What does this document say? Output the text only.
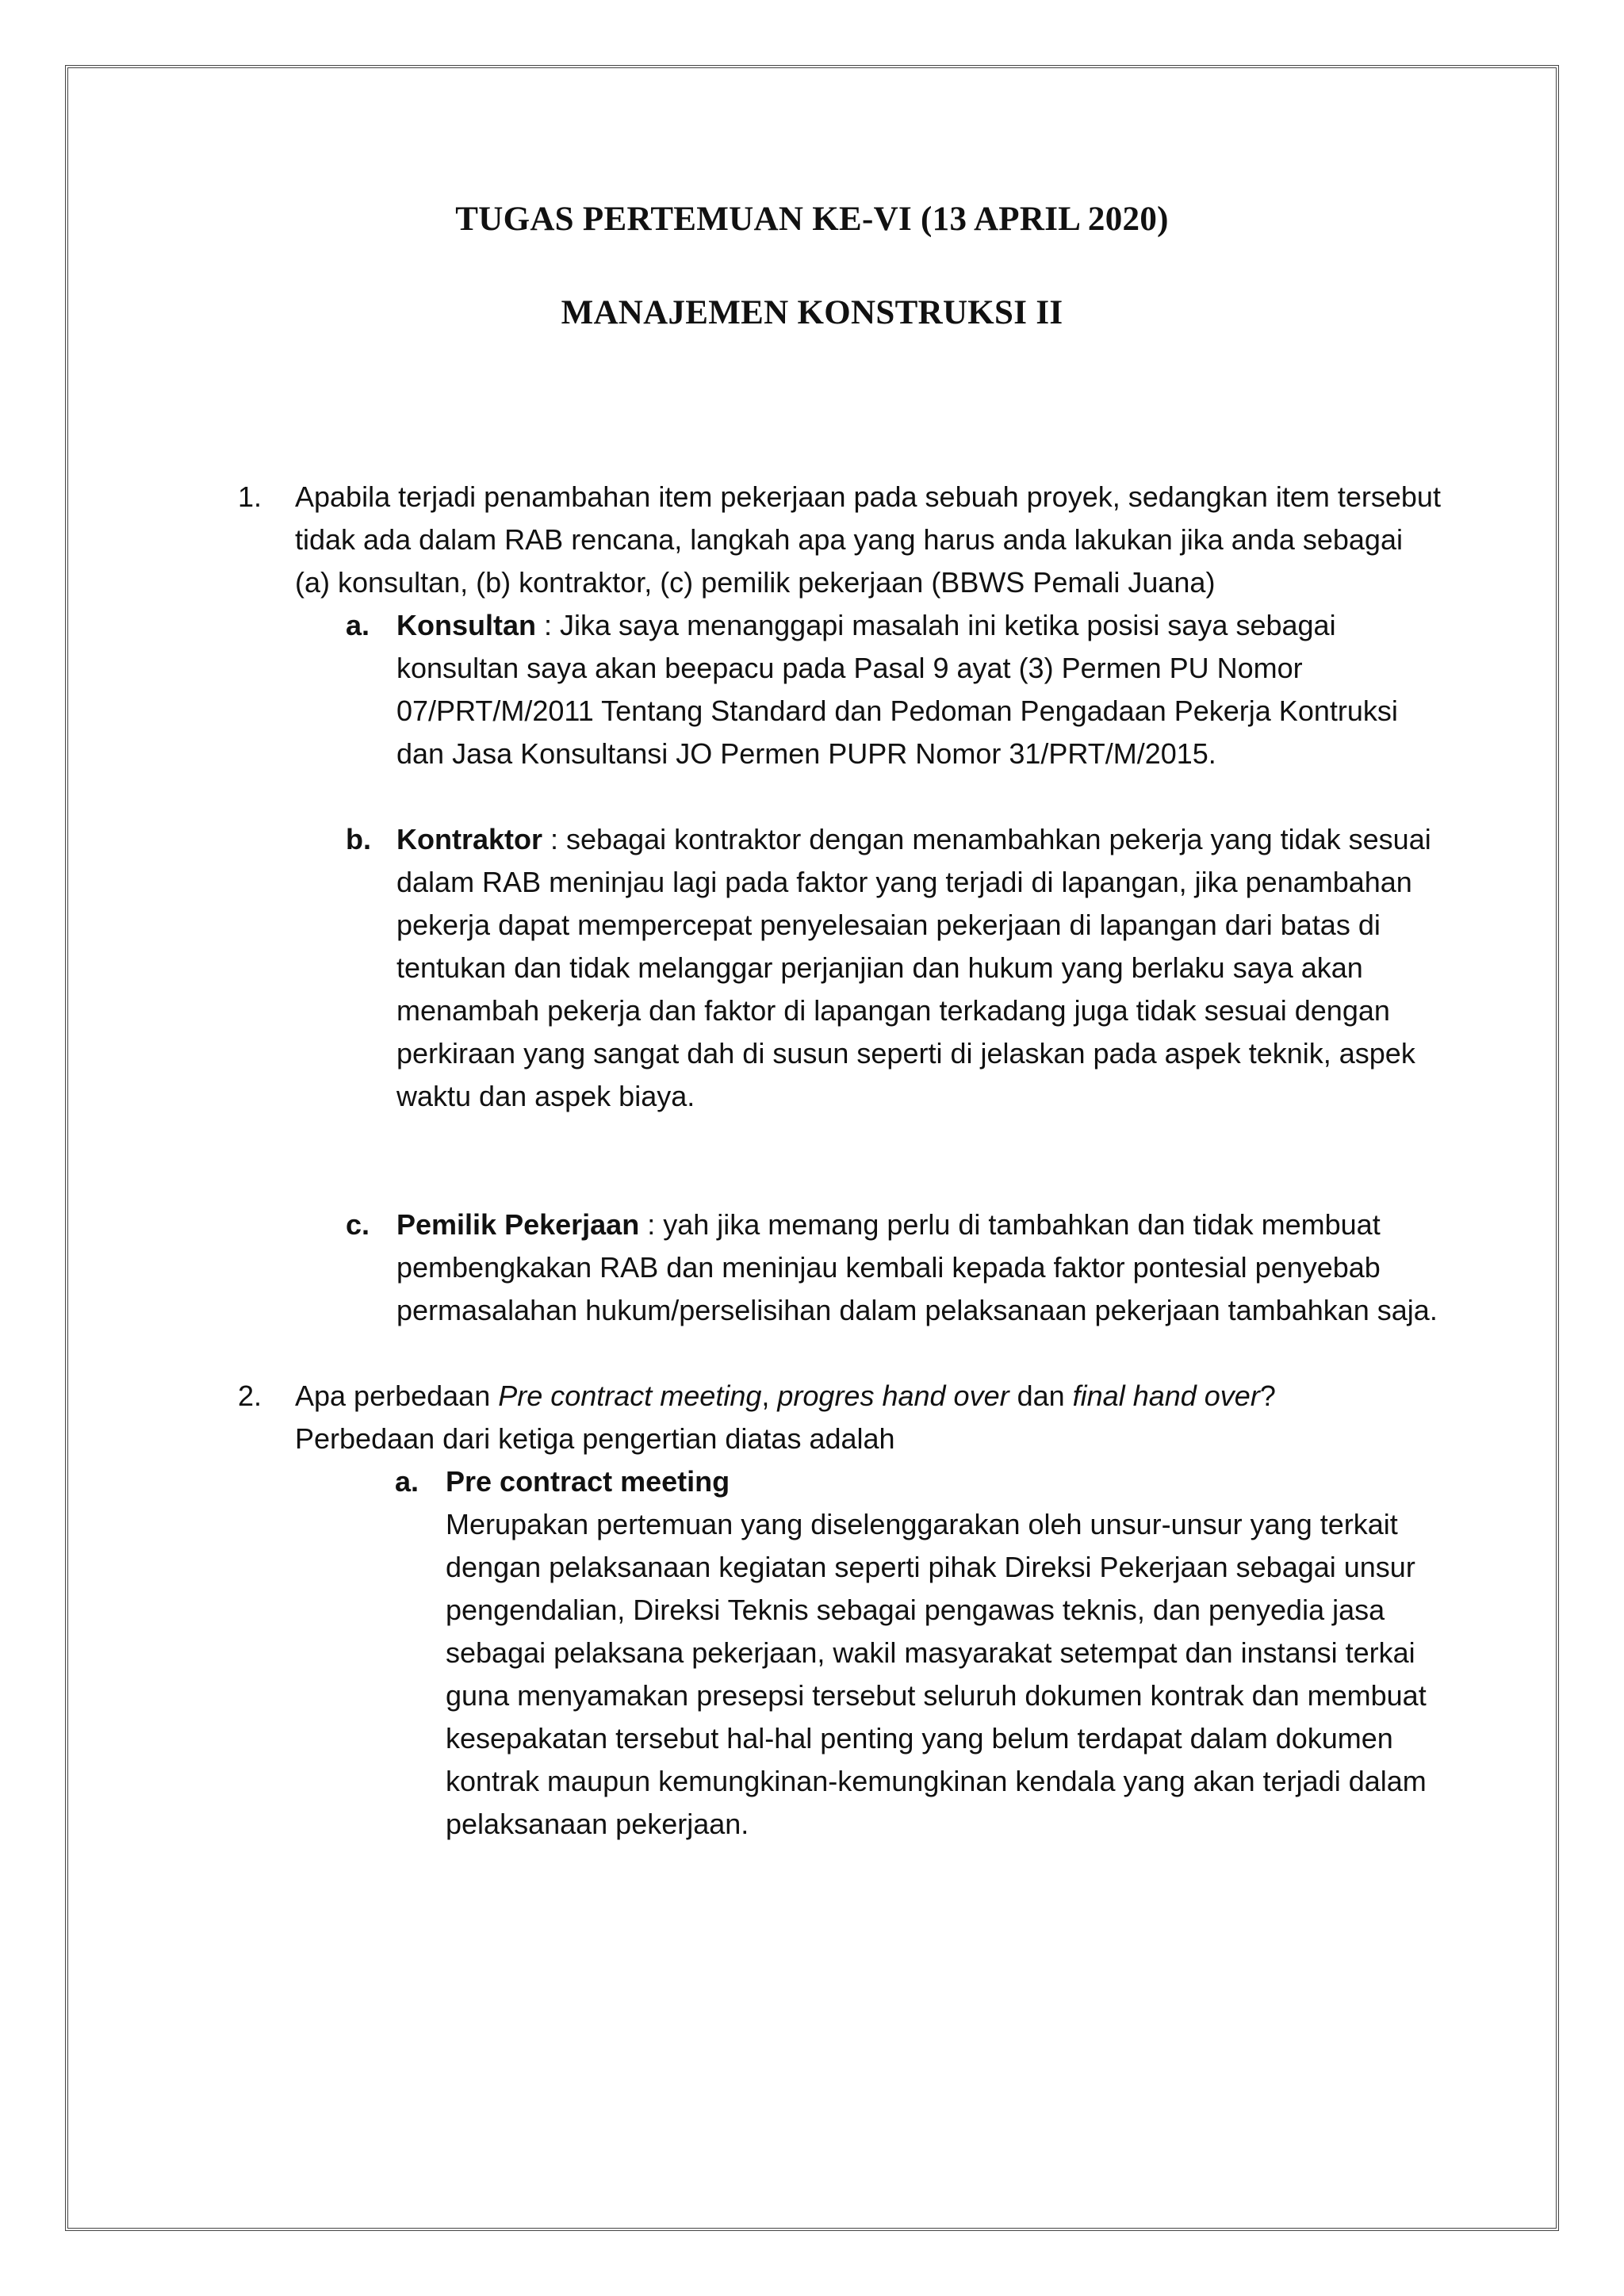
TUGAS PERTEMUAN KE-VI (13 APRIL 2020)
MANAJEMEN KONSTRUKSI II
1.	Apabila terjadi penambahan item pekerjaan pada sebuah proyek, sedangkan item tersebut tidak ada dalam RAB rencana, langkah apa yang harus anda lakukan jika anda sebagai (a) konsultan, (b) kontraktor, (c) pemilik pekerjaan (BBWS Pemali Juana)
a. Konsultan : Jika saya menanggapi masalah ini ketika posisi saya sebagai konsultan saya akan beepacu pada Pasal 9 ayat (3) Permen PU Nomor 07/PRT/M/2011 Tentang Standard dan Pedoman Pengadaan Pekerja Kontruksi dan Jasa Konsultansi JO Permen PUPR Nomor 31/PRT/M/2015.
b. Kontraktor : sebagai kontraktor dengan menambahkan pekerja yang tidak sesuai dalam RAB meninjau lagi pada faktor yang terjadi di lapangan, jika penambahan pekerja dapat mempercepat penyelesaian pekerjaan di lapangan dari batas di tentukan dan tidak melanggar perjanjian dan hukum yang berlaku saya akan menambah pekerja dan faktor di lapangan terkadang juga tidak sesuai dengan perkiraan yang sangat dah di susun seperti di jelaskan pada aspek teknik, aspek waktu dan aspek biaya.
c. Pemilik Pekerjaan : yah jika memang perlu di tambahkan dan tidak membuat pembengkakan RAB dan meninjau kembali kepada faktor pontesial penyebab permasalahan hukum/perselisihan dalam pelaksanaan pekerjaan tambahkan saja.
2.	Apa perbedaan Pre contract meeting, progres hand over dan final hand over?
Perbedaan dari ketiga pengertian diatas adalah
a. Pre contract meeting
Merupakan pertemuan yang diselenggarakan oleh unsur-unsur yang terkait dengan pelaksanaan kegiatan seperti pihak Direksi Pekerjaan sebagai unsur pengendalian, Direksi Teknis sebagai pengawas teknis, dan penyedia jasa sebagai pelaksana pekerjaan, wakil masyarakat setempat dan instansi terkai guna menyamakan presepsi tersebut seluruh dokumen kontrak dan membuat kesepakatan tersebut hal-hal penting yang belum terdapat dalam dokumen kontrak maupun kemungkinan-kemungkinan kendala yang akan terjadi dalam pelaksanaan pekerjaan.
